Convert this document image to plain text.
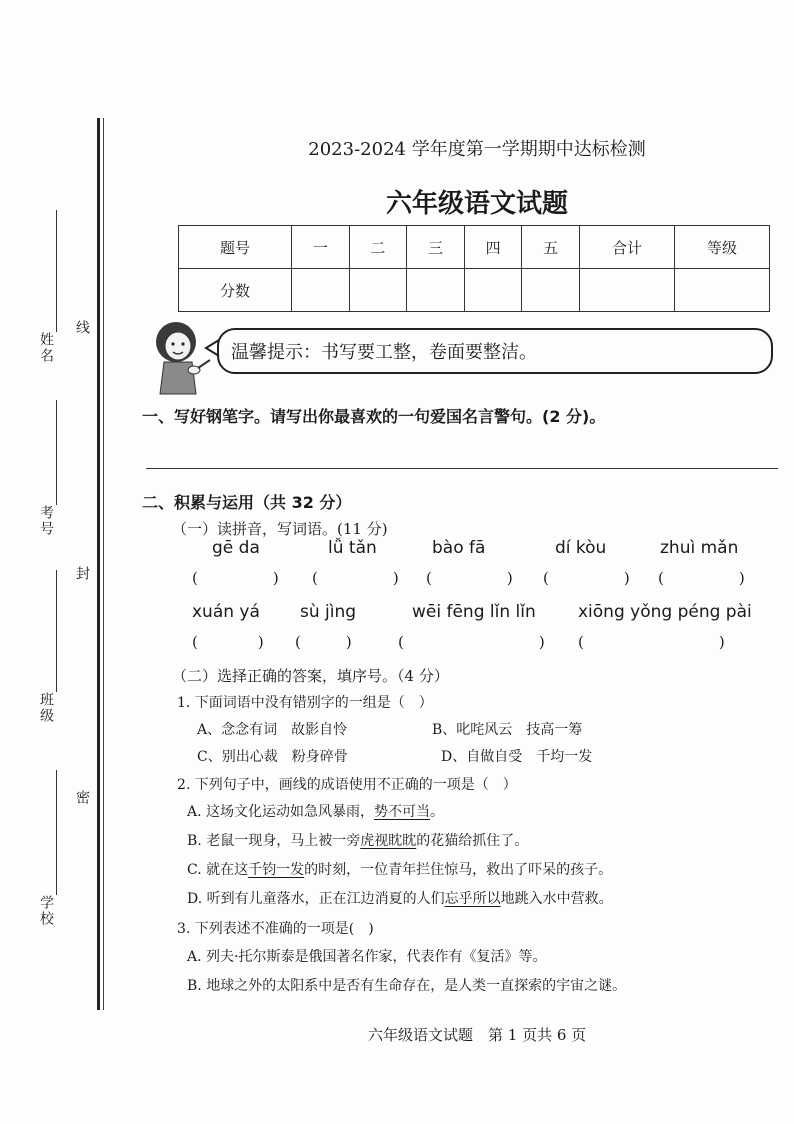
姓名
考号
班级
学校
线
封
密
2023-2024 学年度第一学期期中达标检测
六年级语文试题
题号	一	二	三	四	五	合计	等级
分数							
温馨提示：书写要工整，卷面要整洁。
一、写好钢笔字。请写出你最喜欢的一句爱国名言警句。(2 分)。
二、积累与运用（共 32 分）
（一）读拼音，写词语。(11 分)
gē da	lǚ tǎn	bào fā	dí kòu	zhuì mǎn
(　　　　　) (　　　　　) (　　　　　) (　　　　　) (　　　　　)
xuán yá sù jìng	wēi fēng lǐn lǐn xiōng yǒng péng pài
(　　　　) (　　　)	(　　　　　　　　　) (　　　　　　　　　)
（二）选择正确的答案，填序号。（4 分）
1. 下面词语中没有错别字的一组是（　）
A、念念有词　故影自怜	B、叱咤风云　技高一筹
C、别出心裁　粉身碎骨	D、自做自受　千均一发
2. 下列句子中，画线的成语使用不正确的一项是（　）
A. 这场文化运动如急风暴雨，势不可当。
B. 老鼠一现身，马上被一旁虎视眈眈的花猫给抓住了。
C. 就在这千钧一发的时刻，一位青年拦住惊马，救出了吓呆的孩子。
D. 听到有儿童落水，正在江边消夏的人们忘乎所以地跳入水中营救。
3. 下列表述不准确的一项是(　)
A. 列夫·托尔斯泰是俄国著名作家，代表作有《复活》等。
B. 地球之外的太阳系中是否有生命存在，是人类一直探索的宇宙之谜。
六年级语文试题　第 1 页共 6 页
